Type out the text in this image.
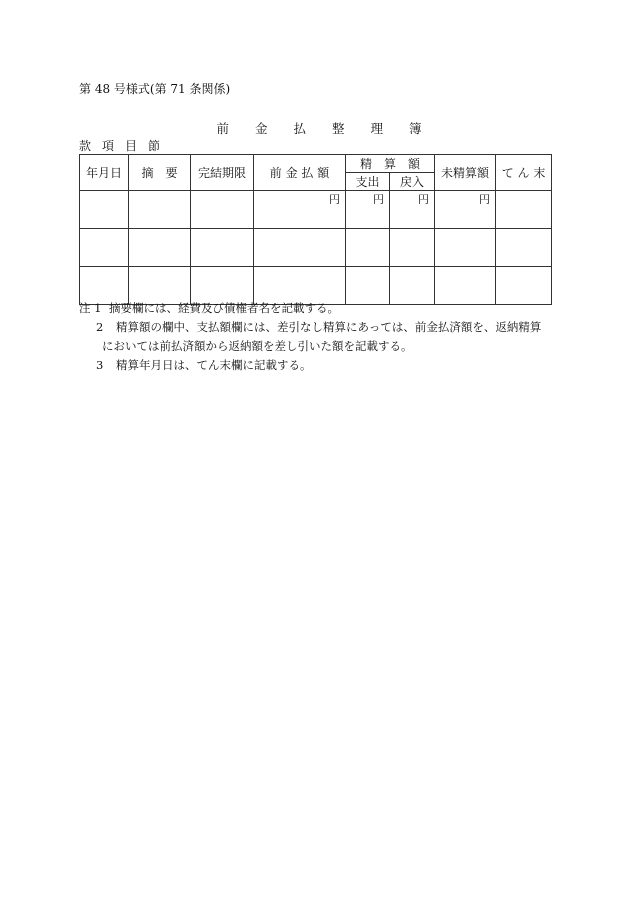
第 48 号様式(第 71 条関係)
前 金 払 整 理 簿
款 項 目 節
年月日	摘　要	完結期限	前 金 払 額	精　算　額		未精算額	て ん 末
				支出	戻入		
			円	円	円	円	

注 1 摘要欄には、経費及び債権者名を記載する。
2 精算額の欄中、支払額欄には、差引なし精算にあっては、前金払済額を、返納精算
においては前払済額から返納額を差し引いた額を記載する。
3 精算年月日は、てん末欄に記載する。
